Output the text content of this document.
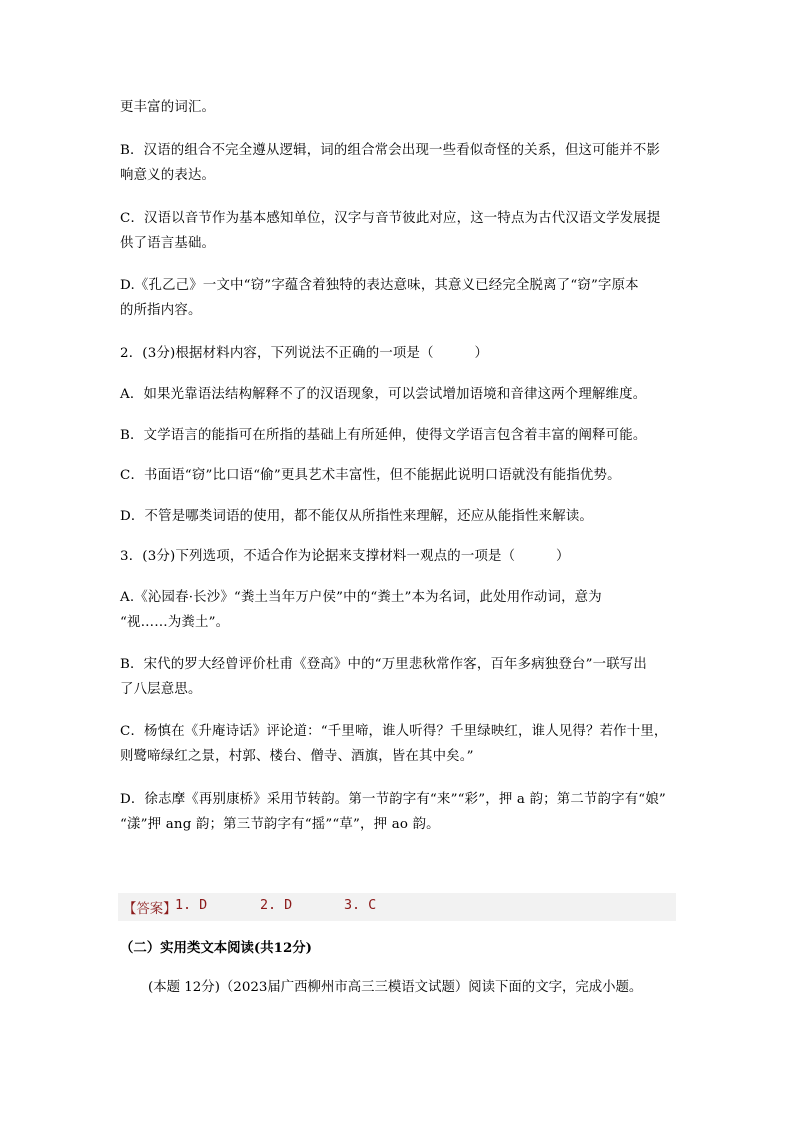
更丰富的词汇。
B．汉语的组合不完全遵从逻辑，词的组合常会出现一些看似奇怪的关系，但这可能并不影
响意义的表达。
C．汉语以音节作为基本感知单位，汉字与音节彼此对应，这一特点为古代汉语文学发展提
供了语言基础。
D.《孔乙己》一文中“窃”字蕴含着独特的表达意味，其意义已经完全脱离了“窃”字原本
的所指内容。
2．(3分)根据材料内容，下列说法不正确的一项是（　　　）
A．如果光靠语法结构解释不了的汉语现象，可以尝试增加语境和音律这两个理解维度。
B．文学语言的能指可在所指的基础上有所延伸，使得文学语言包含着丰富的阐释可能。
C．书面语“窃”比口语“偷”更具艺术丰富性，但不能据此说明口语就没有能指优势。
D．不管是哪类词语的使用，都不能仅从所指性来理解，还应从能指性来解读。
3．(3分)下列选项，不适合作为论据来支撑材料一观点的一项是（　　　）
A.《沁园春·长沙》“粪土当年万户侯”中的“粪土”本为名词，此处用作动词，意为
“视……为粪土”。
B．宋代的罗大经曾评价杜甫《登高》中的“万里悲秋常作客，百年多病独登台”一联写出
了八层意思。
C．杨慎在《升庵诗话》评论道：“千里啼，谁人听得？千里绿映红，谁人见得？若作十里，
则鹭啼绿红之景，村郭、楼台、僧寺、酒旗，皆在其中矣。”
D．徐志摩《再别康桥》采用节转韵。第一节韵字有“来”“彩”，押 a 韵；第二节韵字有“娘”
“漾”押 ang 韵；第三节韵字有“摇”“草”，押 ao 韵。
【答案】
1. D	2. D	3. C
（二）实用类文本阅读(共12分)
(本题 12分)（2023届广西柳州市高三三模语文试题）阅读下面的文字，完成小题。
